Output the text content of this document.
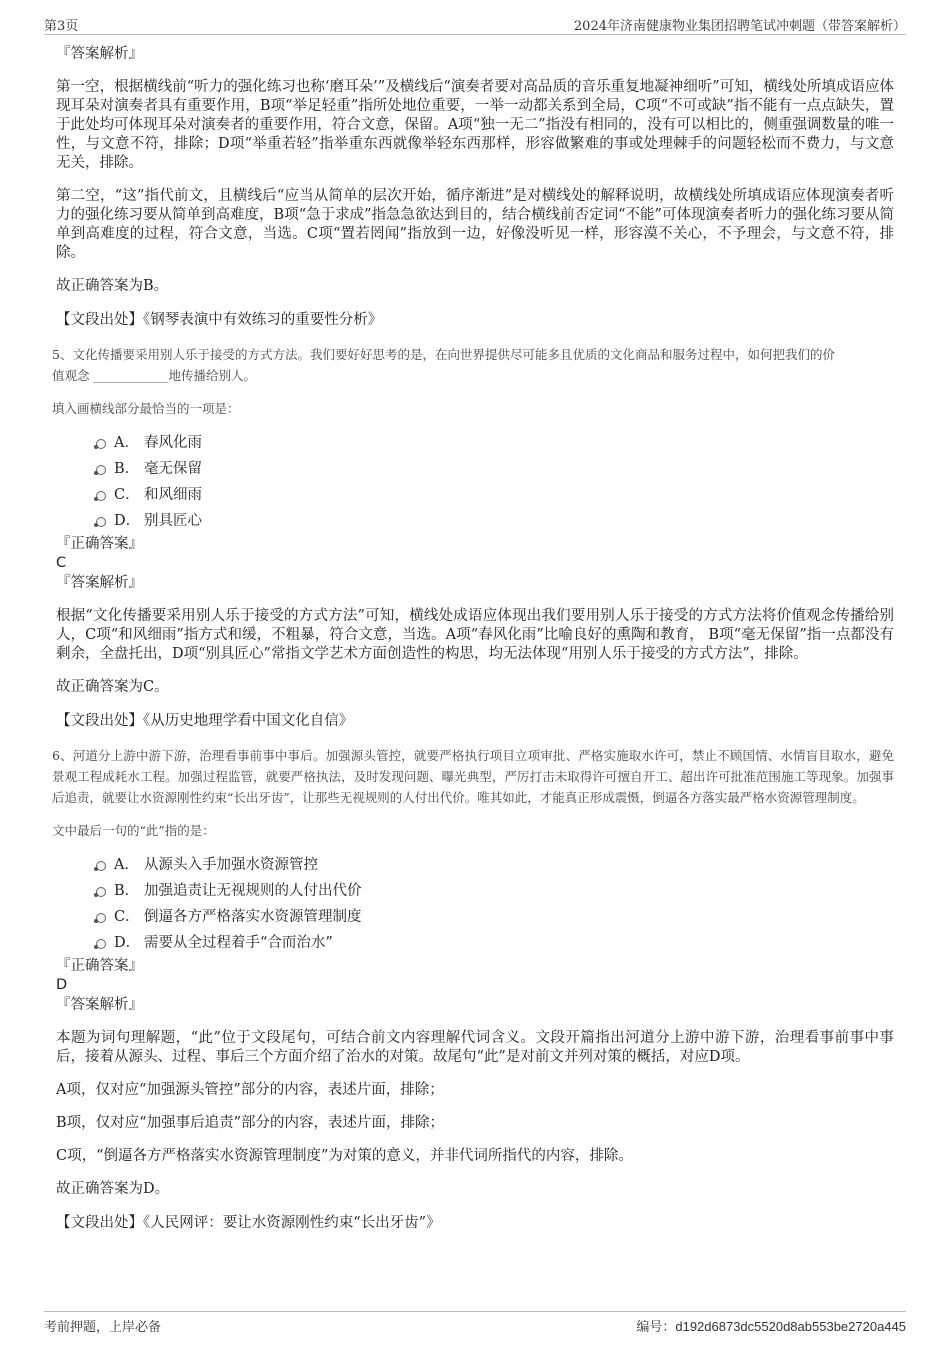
第3页	2024年济南健康物业集团招聘笔试冲刺题（带答案解析）

『答案解析』

第一空，根据横线前“听力的强化练习也称‘磨耳朵’”及横线后“演奏者要对高品质的音乐重复地凝神细听”可知，横线处所填成语应体现耳朵对演奏者具有重要作用，B项“举足轻重”指所处地位重要，一举一动都关系到全局，C项“不可或缺”指不能有一点点缺失，置于此处均可体现耳朵对演奏者的重要作用，符合文意，保留。A项“独一无二”指没有相同的，没有可以相比的，侧重强调数量的唯一性，与文意不符，排除；D项“举重若轻”指举重东西就像举轻东西那样，形容做繁难的事或处理棘手的问题轻松而不费力，与文意无关，排除。

第二空，“这”指代前文，且横线后“应当从简单的层次开始，循序渐进”是对横线处的解释说明，故横线处所填成语应体现演奏者听力的强化练习要从简单到高难度，B项“急于求成”指急急欲达到目的，结合横线前否定词“不能”可体现演奏者听力的强化练习要从简单到高难度的过程，符合文意，当选。C项“置若罔闻”指放到一边，好像没听见一样，形容漠不关心，不予理会，与文意不符，排除。

故正确答案为B。

【文段出处】《钢琴表演中有效练习的重要性分析》

5、文化传播要采用别人乐于接受的方式方法。我们要好好思考的是，在向世界提供尽可能多且优质的文化商品和服务过程中，如何把我们的价
值观念 ____________地传播给别人。

填入画横线部分最恰当的一项是：

A． 春风化雨
B． 毫无保留
C． 和风细雨
D． 别具匠心

『正确答案』

C

『答案解析』

根据“文化传播要采用别人乐于接受的方式方法”可知，横线处成语应体现出我们要用别人乐于接受的方式方法将价值观念传播给别人，C项“和风细雨”指方式和缓，不粗暴，符合文意，当选。A项“春风化雨”比喻良好的熏陶和教育， B项“毫无保留”指一点都没有剩余，全盘托出，D项“别具匠心”常指文学艺术方面创造性的构思，均无法体现“用别人乐于接受的方式方法”，排除。

故正确答案为C。

【文段出处】《从历史地理学看中国文化自信》

6、河道分上游中游下游，治理看事前事中事后。加强源头管控，就要严格执行项目立项审批、严格实施取水许可，禁止不顾国情、水情盲目取水，避免景观工程成耗水工程。加强过程监管，就要严格执法，及时发现问题、曝光典型，严厉打击未取得许可擅自开工、超出许可批准范围施工等现象。加强事后追责，就要让水资源刚性约束“长出牙齿”，让那些无视规则的人付出代价。唯其如此，才能真正形成震慑，倒逼各方落实最严格水资源管理制度。

文中最后一句的“此”指的是：

A． 从源头入手加强水资源管控
B． 加强追责让无视规则的人付出代价
C． 倒逼各方严格落实水资源管理制度
D． 需要从全过程着手“合而治水”

『正确答案』

D

『答案解析』

本题为词句理解题，“此”位于文段尾句，可结合前文内容理解代词含义。文段开篇指出河道分上游中游下游，治理看事前事中事后，接着从源头、过程、事后三个方面介绍了治水的对策。故尾句“此”是对前文并列对策的概括，对应D项。

A项，仅对应“加强源头管控”部分的内容，表述片面，排除；

B项，仅对应“加强事后追责”部分的内容，表述片面，排除；

C项，“倒逼各方严格落实水资源管理制度”为对策的意义，并非代词所指代的内容，排除。

故正确答案为D。

【文段出处】《人民网评：要让水资源刚性约束“长出牙齿”》

考前押题，上岸必备	编号：d192d6873dc5520d8ab553be2720a445
